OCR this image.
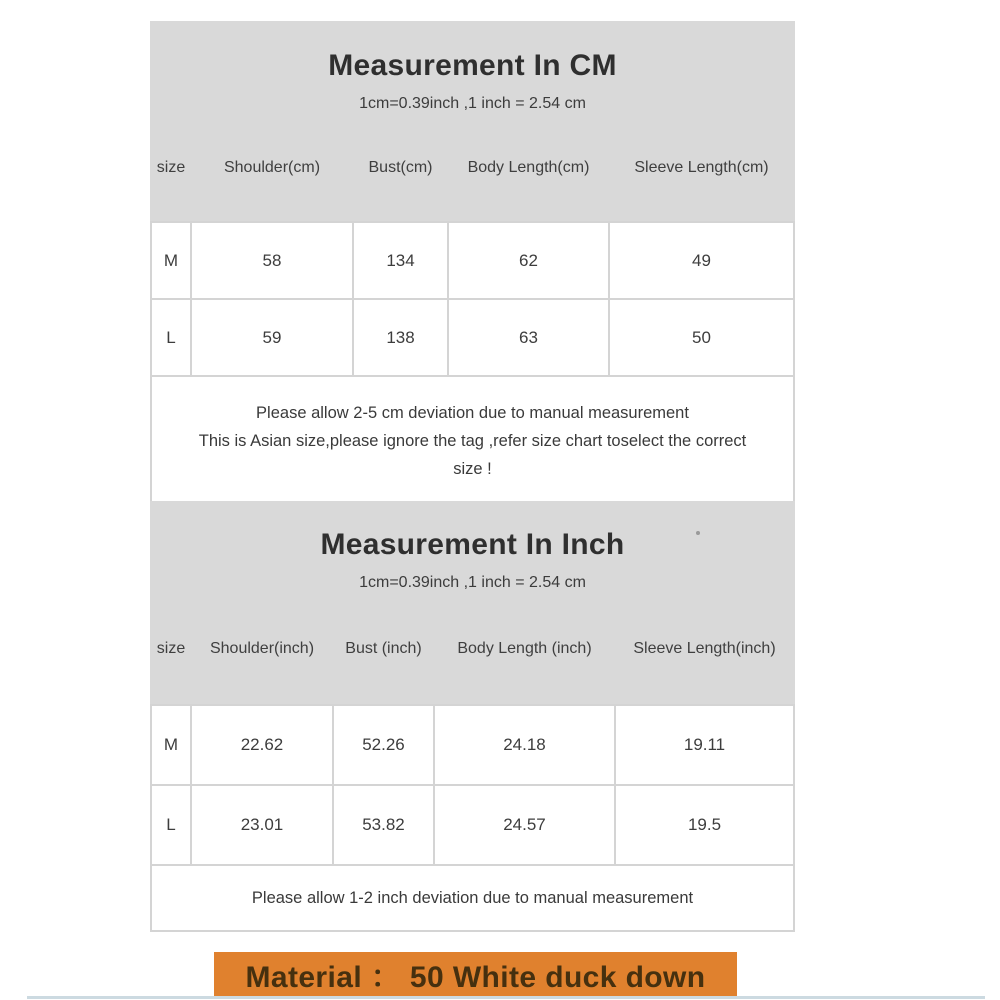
Measurement In CM
1cm=0.39inch ,1 inch = 2.54 cm
size	Shoulder(cm)	Bust(cm)	Body Length(cm)	Sleeve Length(cm)
M	58	134	62	49
L	59	138	63	50

Please allow 2-5 cm deviation due to manual measurement
This is Asian size,please ignore the tag ,refer size chart toselect the correct
size !				
Measurement In Inch
1cm=0.39inch ,1 inch = 2.54 cm
size	Shoulder(inch)	Bust (inch)	Body Length (inch)	Sleeve Length(inch)
M	22.62	52.26	24.18	19.11
L	23.01	53.82	24.57	19.5

Please allow 1-2 inch deviation due to manual measurement				
Material ： 50 White duck down
